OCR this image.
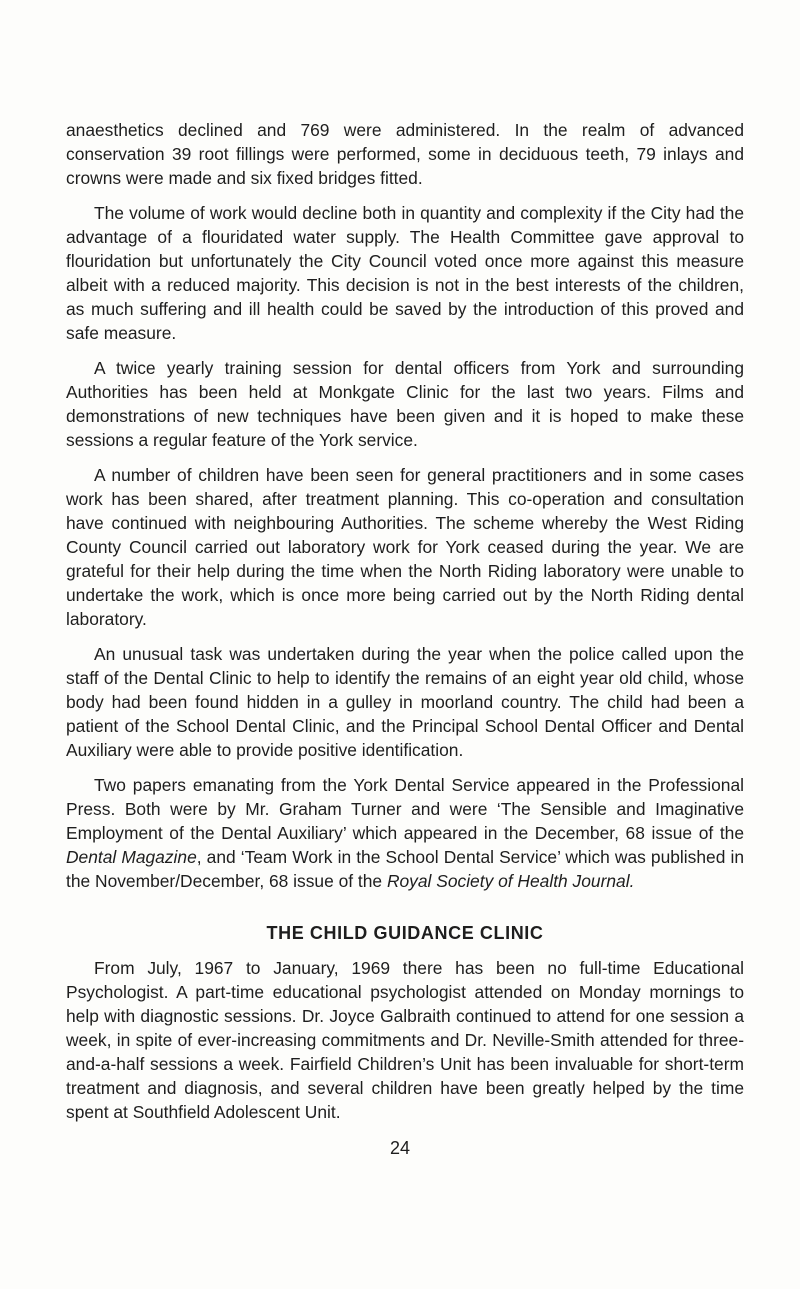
anaesthetics declined and 769 were administered. In the realm of advanced conservation 39 root fillings were performed, some in deciduous teeth, 79 inlays and crowns were made and six fixed bridges fitted.

The volume of work would decline both in quantity and complexity if the City had the advantage of a flouridated water supply. The Health Committee gave approval to flouridation but unfortunately the City Council voted once more against this measure albeit with a reduced majority. This decision is not in the best interests of the children, as much suffering and ill health could be saved by the introduction of this proved and safe measure.

A twice yearly training session for dental officers from York and surrounding Authorities has been held at Monkgate Clinic for the last two years. Films and demonstrations of new techniques have been given and it is hoped to make these sessions a regular feature of the York service.

A number of children have been seen for general practitioners and in some cases work has been shared, after treatment planning. This co-operation and consultation have continued with neighbouring Authorities. The scheme whereby the West Riding County Council carried out laboratory work for York ceased during the year. We are grateful for their help during the time when the North Riding laboratory were unable to undertake the work, which is once more being carried out by the North Riding dental laboratory.

An unusual task was undertaken during the year when the police called upon the staff of the Dental Clinic to help to identify the remains of an eight year old child, whose body had been found hidden in a gulley in moorland country. The child had been a patient of the School Dental Clinic, and the Principal School Dental Officer and Dental Auxiliary were able to provide positive identification.

Two papers emanating from the York Dental Service appeared in the Professional Press. Both were by Mr. Graham Turner and were ‘The Sensible and Imaginative Employment of the Dental Auxiliary’ which appeared in the December, 68 issue of the Dental Magazine, and ‘Team Work in the School Dental Service’ which was published in the November/December, 68 issue of the Royal Society of Health Journal.

THE CHILD GUIDANCE CLINIC

From July, 1967 to January, 1969 there has been no full-time Educational Psychologist. A part-time educational psychologist attended on Monday mornings to help with diagnostic sessions. Dr. Joyce Galbraith continued to attend for one session a week, in spite of ever-increasing commitments and Dr. Neville-Smith attended for three-and-a-half sessions a week. Fairfield Children’s Unit has been invaluable for short-term treatment and diagnosis, and several children have been greatly helped by the time spent at Southfield Adolescent Unit.

24
